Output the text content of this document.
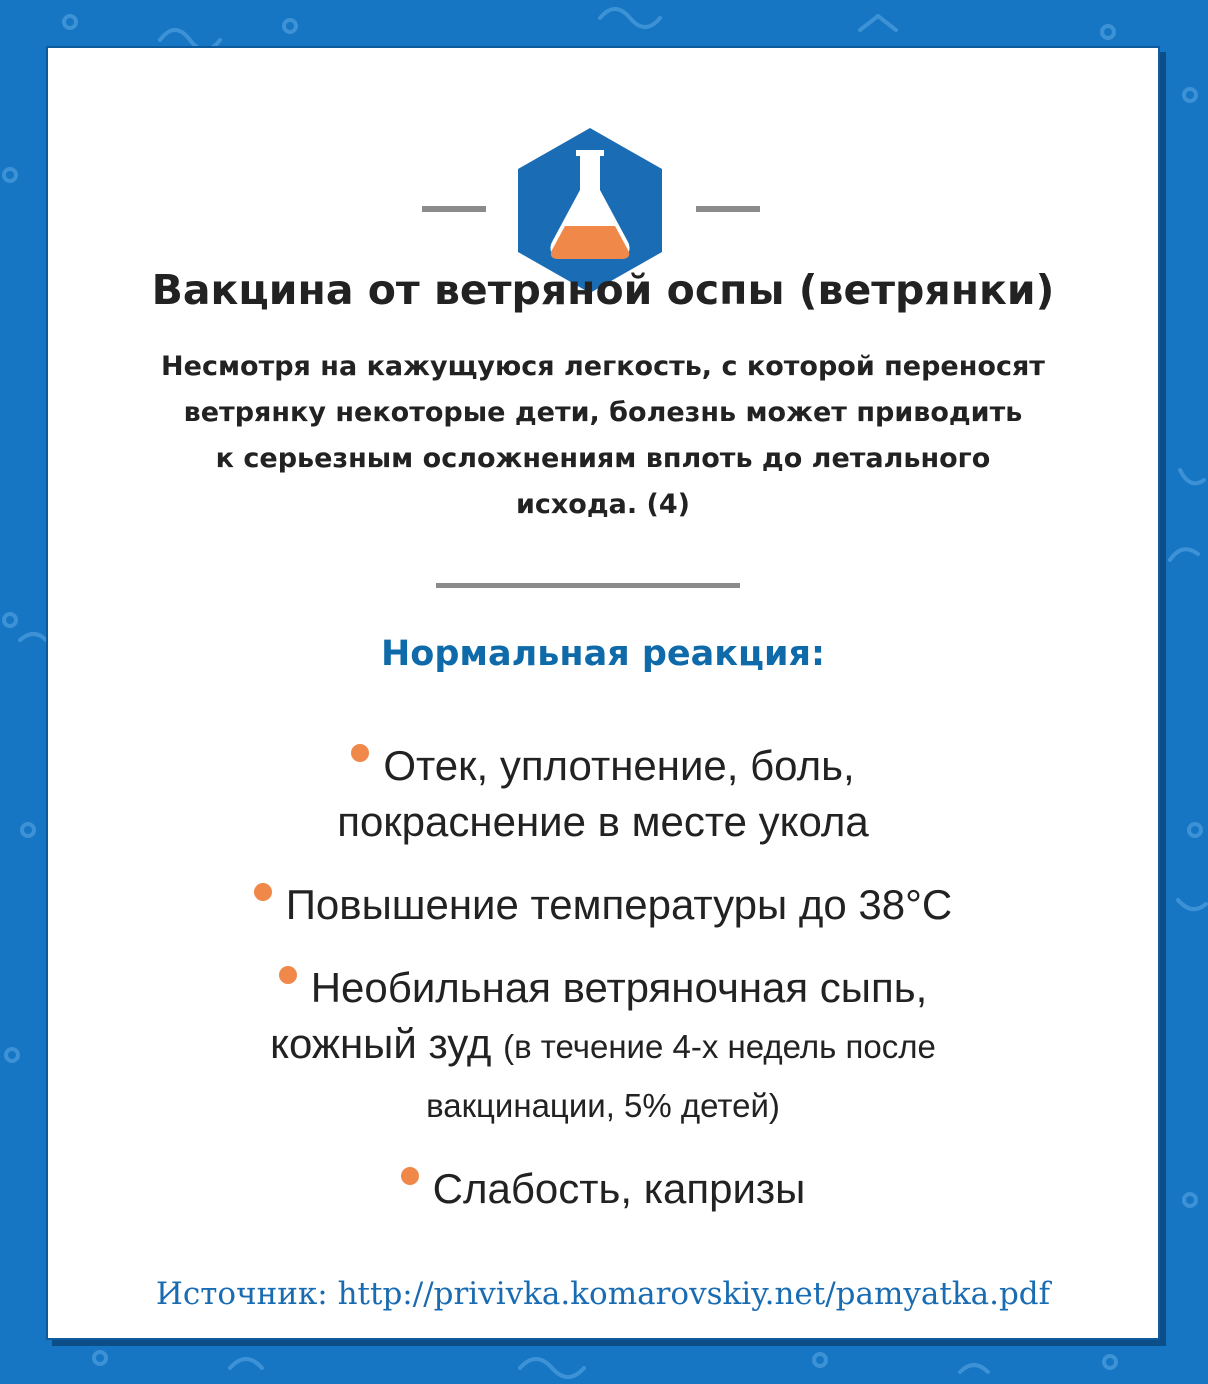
Вакцина от ветряной оспы (ветрянки)

Несмотря на кажущуюся легкость, с которой переносят
ветрянку некоторые дети, болезнь может приводить
к серьезным осложнениям вплоть до летального
исхода. (4)

Нормальная реакция:
Отек, уплотнение, боль,
покраснение в месте укола
Повышение температуры до 38°С
Необильная ветряночная сыпь,
кожный зуд (в течение 4-х недель после
вакцинации, 5% детей)
Слабость, капризы

Источник: http://privivka.komarovskiy.net/pamyatka.pdf
